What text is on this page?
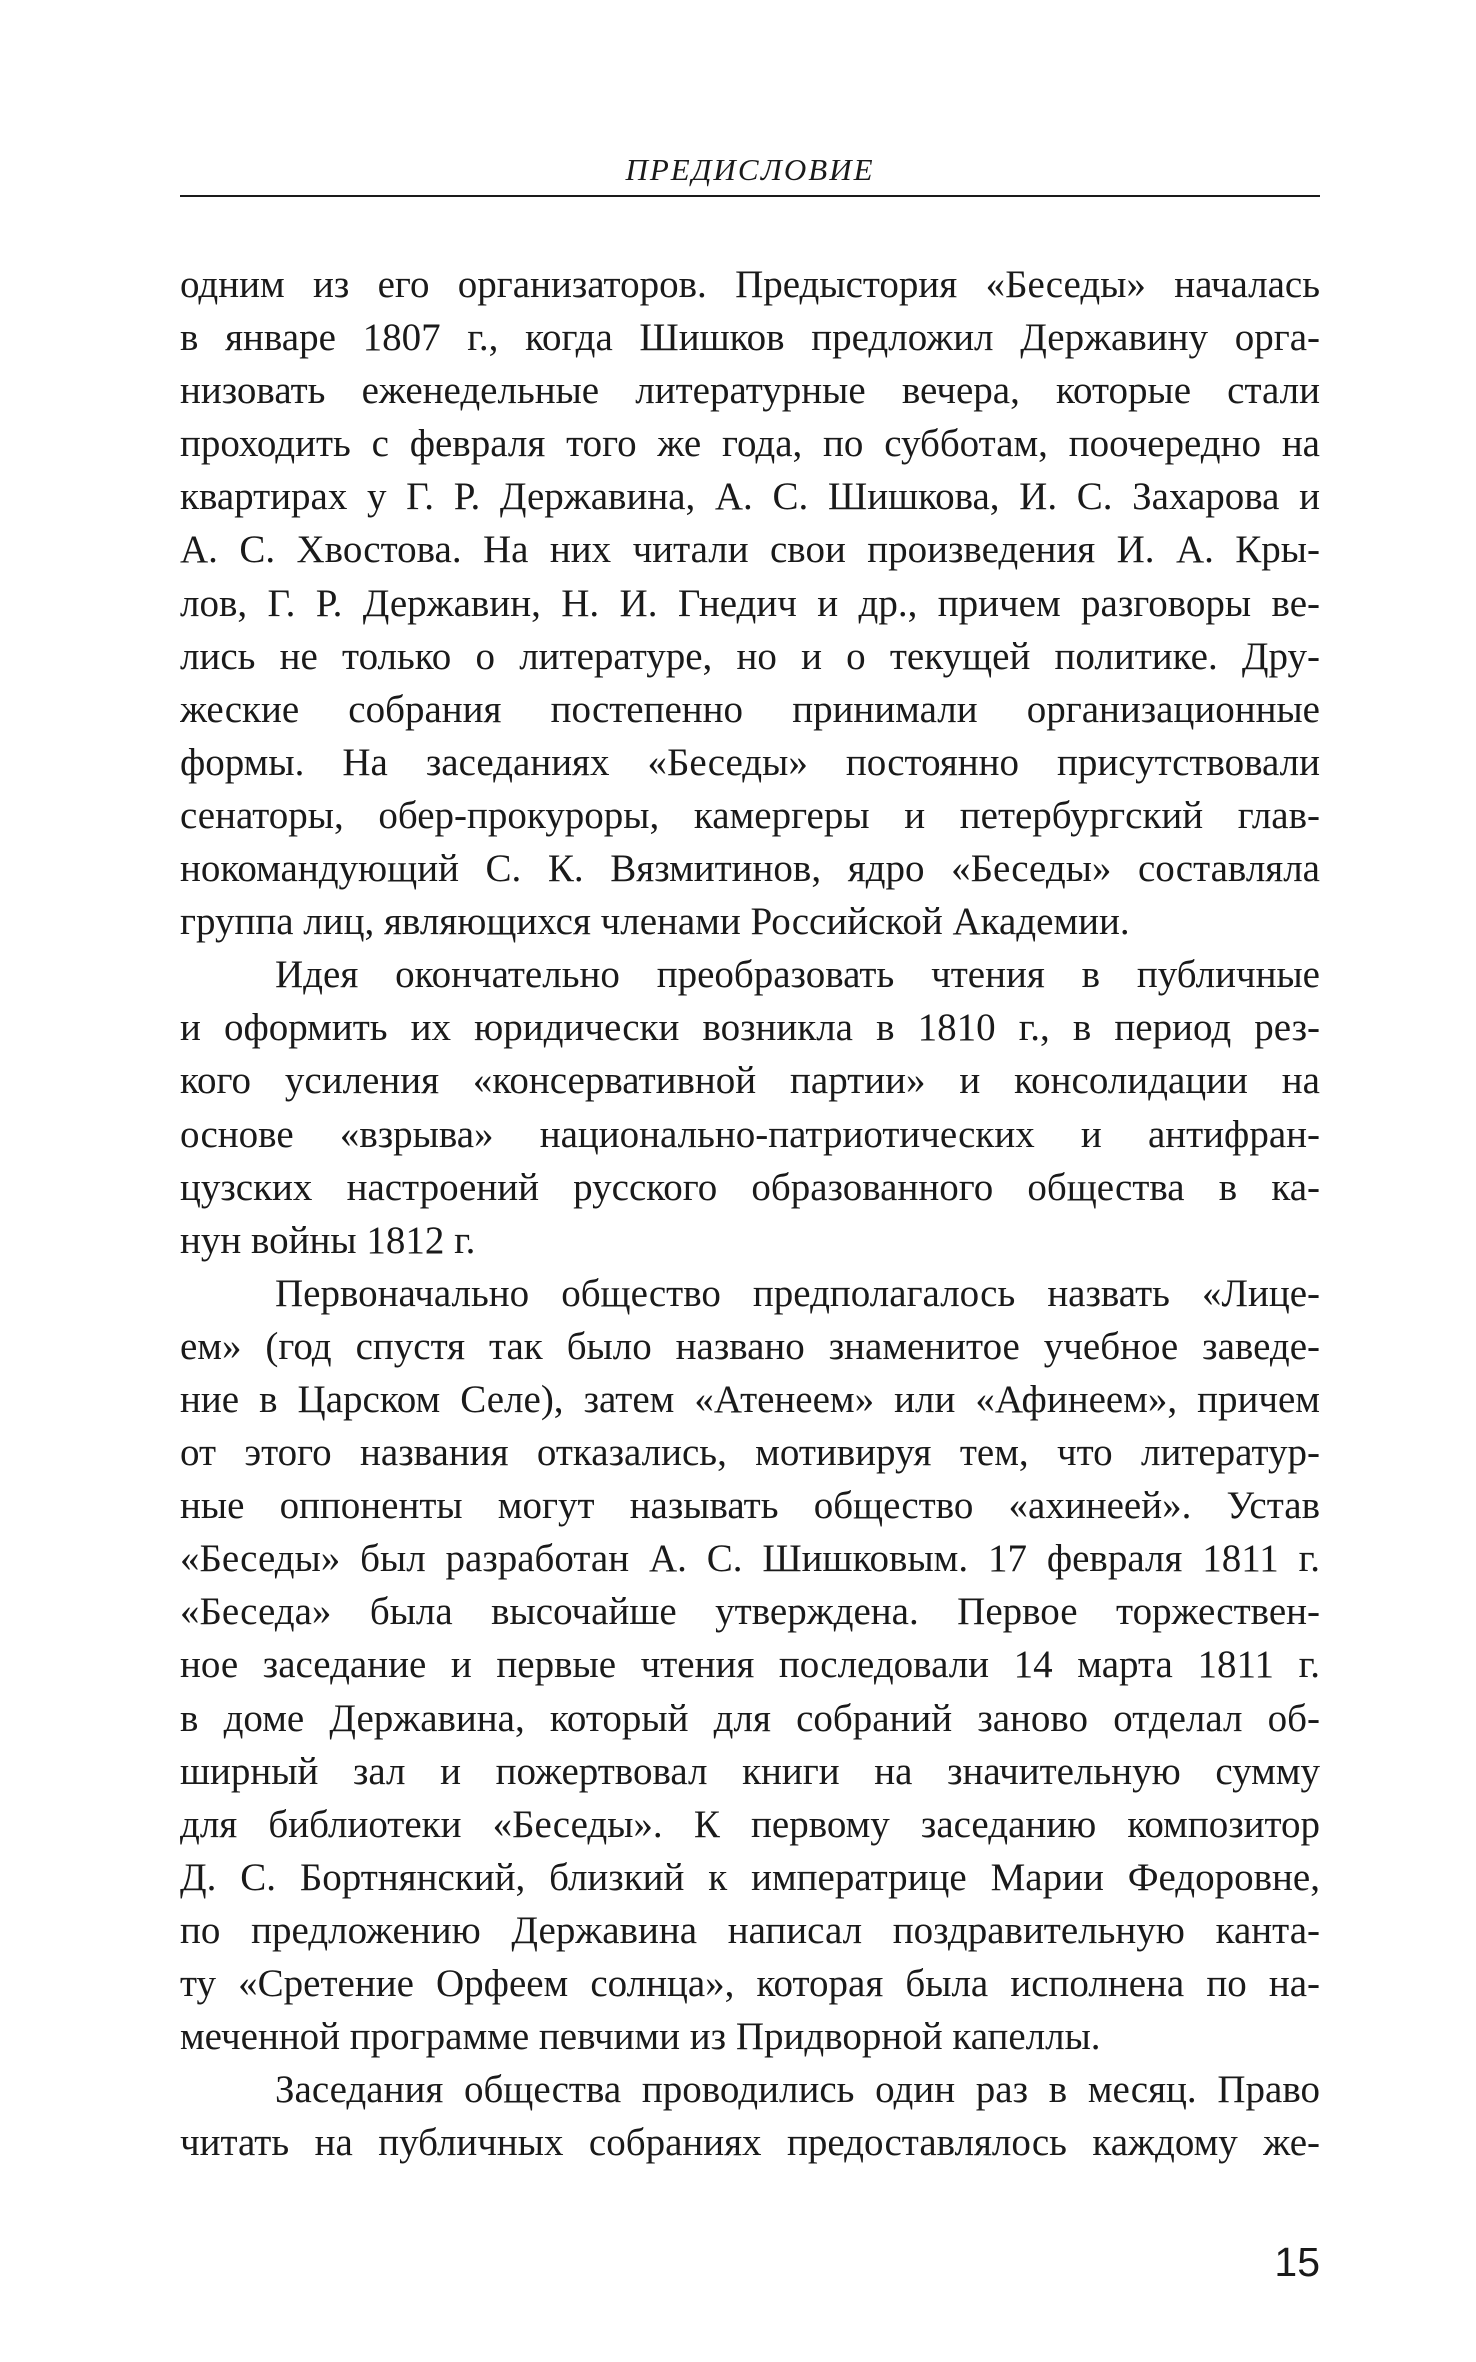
ПРЕДИСЛОВИЕ
одним из его организаторов. Предыстория «Беседы» началась
в январе 1807 г., когда Шишков предложил Державину орга-
низовать еженедельные литературные вечера, которые стали
проходить с февраля того же года, по субботам, поочередно на
квартирах у Г. Р. Державина, А. С. Шишкова, И. С. Захарова и
А. С. Хвостова. На них читали свои произведения И. А. Кры-
лов, Г. Р. Державин, Н. И. Гнедич и др., причем разговоры ве-
лись не только о литературе, но и о текущей политике. Дру-
жеские собрания постепенно принимали организационные
формы. На заседаниях «Беседы» постоянно присутствовали
сенаторы, обер-прокуроры, камергеры и петербургский глав-
нокомандующий С. К. Вязмитинов, ядро «Беседы» составляла
группа лиц, являющихся членами Российской Академии.
Идея окончательно преобразовать чтения в публичные
и оформить их юридически возникла в 1810 г., в период рез-
кого усиления «консервативной партии» и консолидации на
основе «взрыва» национально-патриотических и антифран-
цузских настроений русского образованного общества в ка-
нун войны 1812 г.
Первоначально общество предполагалось назвать «Лице-
ем» (год спустя так было названо знаменитое учебное заведе-
ние в Царском Селе), затем «Атенеем» или «Афинеем», причем
от этого названия отказались, мотивируя тем, что литератур-
ные оппоненты могут называть общество «ахинеей». Устав
«Беседы» был разработан А. С. Шишковым. 17 февраля 1811 г.
«Беседа» была высочайше утверждена. Первое торжествен-
ное заседание и первые чтения последовали 14 марта 1811 г.
в доме Державина, который для собраний заново отделал об-
ширный зал и пожертвовал книги на значительную сумму
для библиотеки «Беседы». К первому заседанию композитор
Д. С. Бортнянский, близкий к императрице Марии Федоровне,
по предложению Державина написал поздравительную канта-
ту «Сретение Орфеем солнца», которая была исполнена по на-
меченной программе певчими из Придворной капеллы.
Заседания общества проводились один раз в месяц. Право
читать на публичных собраниях предоставлялось каждому же-
15
